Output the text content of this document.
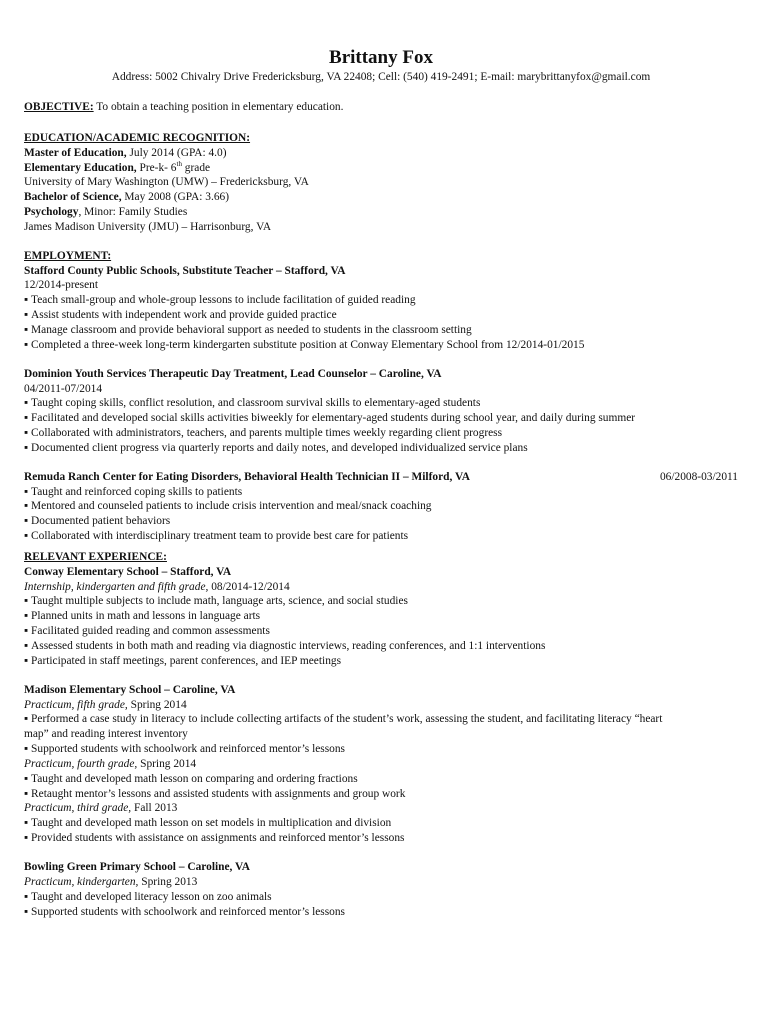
Brittany Fox
Address: 5002 Chivalry Drive Fredericksburg, VA 22408; Cell: (540) 419-2491; E-mail: marybrittanyfox@gmail.com
OBJECTIVE: To obtain a teaching position in elementary education.
EDUCATION/ACADEMIC RECOGNITION:
Master of Education, July 2014 (GPA: 4.0)
Elementary Education, Pre-k- 6th grade
University of Mary Washington (UMW) – Fredericksburg, VA
Bachelor of Science, May 2008 (GPA: 3.66)
Psychology, Minor: Family Studies
James Madison University (JMU) – Harrisonburg, VA
EMPLOYMENT:
Stafford County Public Schools, Substitute Teacher – Stafford, VA
12/2014-present
▪ Teach small-group and whole-group lessons to include facilitation of guided reading
▪ Assist students with independent work and provide guided practice
▪ Manage classroom and provide behavioral support as needed to students in the classroom setting
▪ Completed a three-week long-term kindergarten substitute position at Conway Elementary School from 12/2014-01/2015
Dominion Youth Services Therapeutic Day Treatment, Lead Counselor – Caroline, VA
04/2011-07/2014
▪ Taught coping skills, conflict resolution, and classroom survival skills to elementary-aged students
▪ Facilitated and developed social skills activities biweekly for elementary-aged students during school year, and daily during summer
▪ Collaborated with administrators, teachers, and parents multiple times weekly regarding client progress
▪ Documented client progress via quarterly reports and daily notes, and developed individualized service plans
Remuda Ranch Center for Eating Disorders, Behavioral Health Technician II – Milford, VA	06/2008-03/2011
▪ Taught and reinforced coping skills to patients
▪ Mentored and counseled patients to include crisis intervention and meal/snack coaching
▪ Documented patient behaviors
▪ Collaborated with interdisciplinary treatment team to provide best care for patients
RELEVANT EXPERIENCE:
Conway Elementary School – Stafford, VA
Internship, kindergarten and fifth grade, 08/2014-12/2014
▪ Taught multiple subjects to include math, language arts, science, and social studies
▪ Planned units in math and lessons in language arts
▪ Facilitated guided reading and common assessments
▪ Assessed students in both math and reading via diagnostic interviews, reading conferences, and 1:1 interventions
▪ Participated in staff meetings, parent conferences, and IEP meetings
Madison Elementary School – Caroline, VA
Practicum, fifth grade, Spring 2014
▪ Performed a case study in literacy to include collecting artifacts of the student’s work, assessing the student, and facilitating literacy “heart
map” and reading interest inventory
▪ Supported students with schoolwork and reinforced mentor’s lessons
Practicum, fourth grade, Spring 2014
▪ Taught and developed math lesson on comparing and ordering fractions
▪ Retaught mentor’s lessons and assisted students with assignments and group work
Practicum, third grade, Fall 2013
▪ Taught and developed math lesson on set models in multiplication and division
▪ Provided students with assistance on assignments and reinforced mentor’s lessons
Bowling Green Primary School – Caroline, VA
Practicum, kindergarten, Spring 2013
▪ Taught and developed literacy lesson on zoo animals
▪ Supported students with schoolwork and reinforced mentor’s lessons
